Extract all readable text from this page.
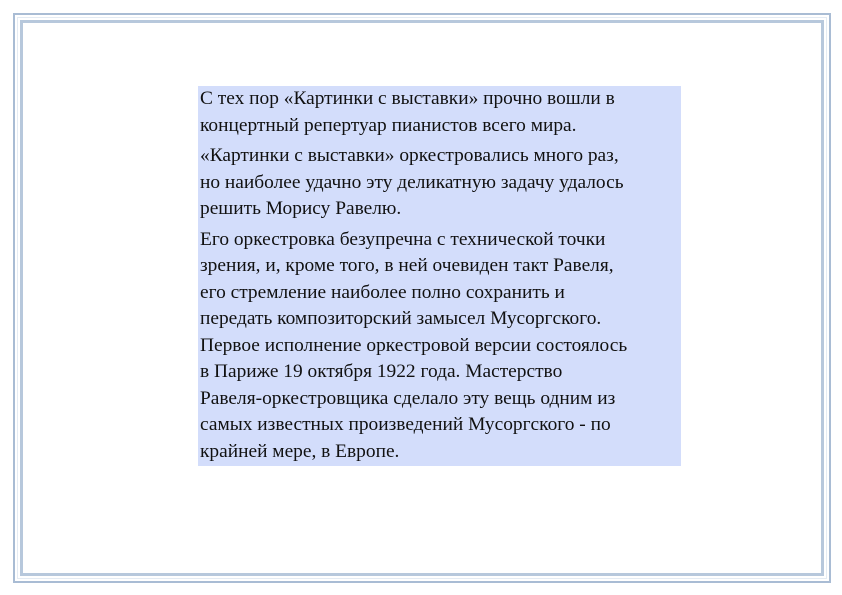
С тех пор «Картинки с выставки» прочно вошли в
концертный репертуар пианистов всего мира.

«Картинки с выставки» оркестровались много раз,
но наиболее удачно эту деликатную задачу удалось
решить Морису Равелю.

Его оркестровка безупречна с технической точки
зрения, и, кроме того, в ней очевиден такт Равеля,
его стремление наиболее полно сохранить и
передать композиторский замысел Мусоргского.
Первое исполнение оркестровой версии состоялось
в Париже 19 октября 1922 года. Мастерство
Равеля-оркестровщика сделало эту вещь одним из
самых известных произведений Мусоргского - по
крайней мере, в Европе.
